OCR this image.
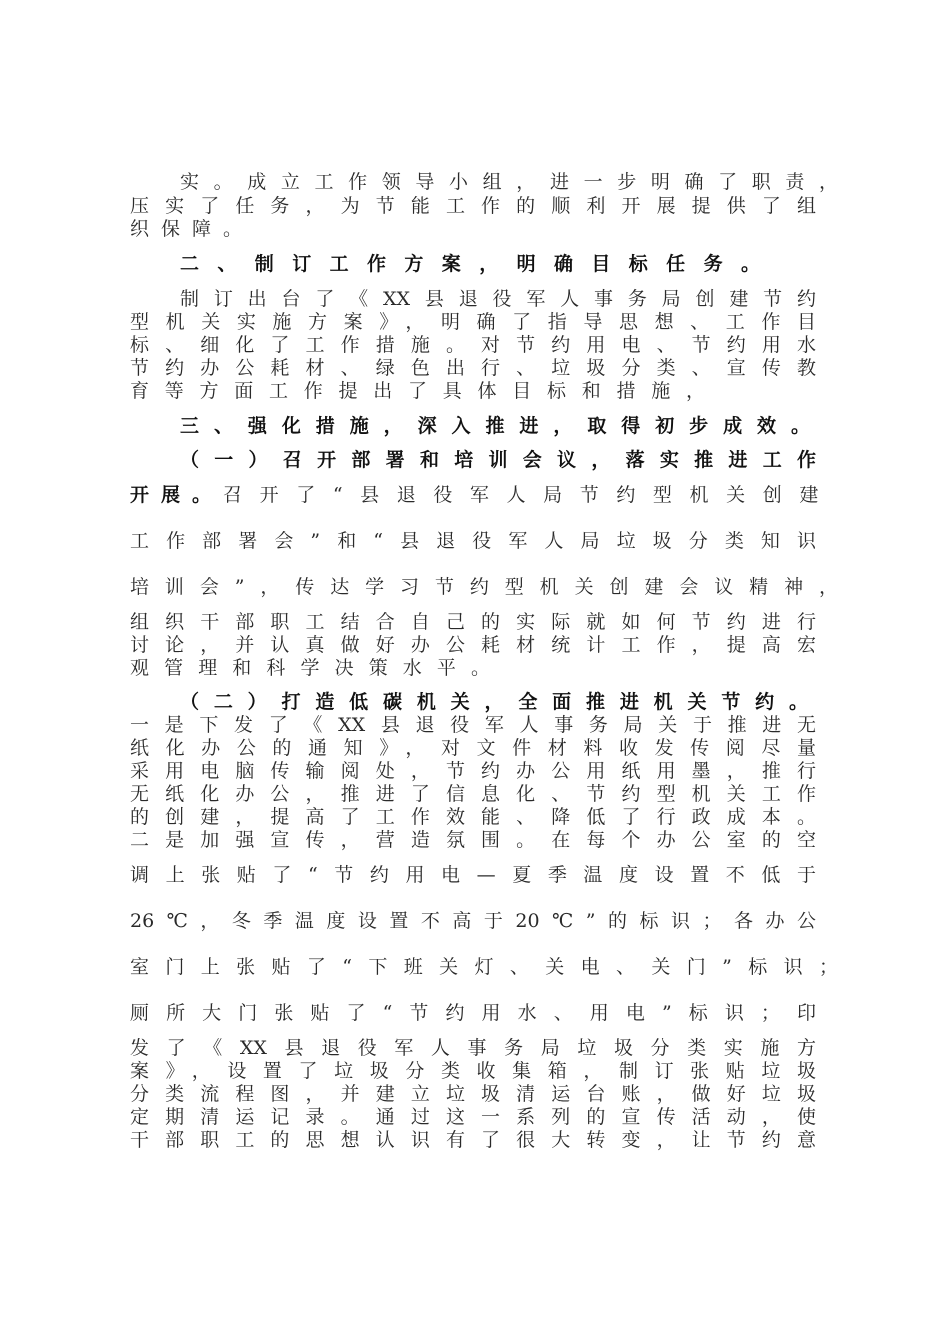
实。成立工作领导小组，进一步明确了职责，

压实了任务，为节能工作的顺利开展提供了组

织保障。

二、制订工作方案，明确目标任务。

制订出台了《XX县退役军人事务局创建节约

型机关实施方案》，明确了指导思想、工作目

标、细化了工作措施。对节约用电、节约用水

节约办公耗材、绿色出行、垃圾分类、宣传教

育等方面工作提出了具体目标和措施，

三、强化措施，深入推进，取得初步成效。

（一）召开部署和培训会议，落实推进工作

开展。召开了“县退役军人局节约型机关创建

工作部署会”和“县退役军人局垃圾分类知识

培训会”，传达学习节约型机关创建会议精神，

组织干部职工结合自己的实际就如何节约进行

讨论，并认真做好办公耗材统计工作，提高宏

观管理和科学决策水平。

（二）打造低碳机关，全面推进机关节约。

一是下发了《XX县退役军人事务局关于推进无

纸化办公的通知》，对文件材料收发传阅尽量

采用电脑传输阅处，节约办公用纸用墨，推行

无纸化办公，推进了信息化、节约型机关工作

的创建，提高了工作效能、降低了行政成本。

二是加强宣传，营造氛围。在每个办公室的空

调上张贴了“节约用电—夏季温度设置不低于

26℃，冬季温度设置不高于20℃”的标识；各办公

室门上张贴了“下班关灯、关电、关门”标识；

厕所大门张贴了“节约用水、用电”标识；印

发了《XX县退役军人事务局垃圾分类实施方

案》，设置了垃圾分类收集箱，制订张贴垃圾

分类流程图，并建立垃圾清运台账，做好垃圾

定期清运记录。通过这一系列的宣传活动，使

干部职工的思想认识有了很大转变，让节约意
